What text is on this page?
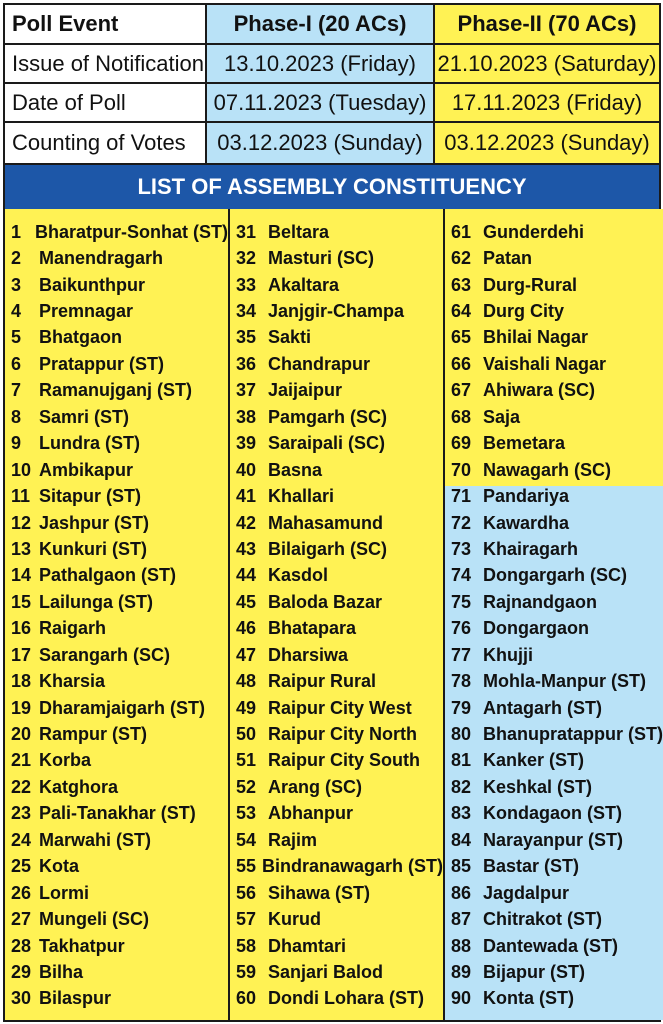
Poll Event	Phase-I (20 ACs)	Phase-II (70 ACs)
Issue of Notification 13.10.2023 (Friday) 21.10.2023 (Saturday)
Date of Poll	07.11.2023 (Tuesday)	17.11.2023 (Friday)
Counting of Votes	03.12.2023 (Sunday) 03.12.2023 (Sunday)
LIST OF ASSEMBLY CONSTITUENCY
1 Bharatpur-Sonhat (ST)
2 Manendragarh
3 Baikunthpur
4 Premnagar
5 Bhatgaon
6 Pratappur (ST)
7 Ramanujganj (ST)
8 Samri (ST)
9 Lundra (ST)
10 Ambikapur
11 Sitapur (ST)
12 Jashpur (ST)
13 Kunkuri (ST)
14 Pathalgaon (ST)
15 Lailunga (ST)
16 Raigarh
17 Sarangarh (SC)
18 Kharsia
19 Dharamjaigarh (ST)
20 Rampur (ST)
21 Korba
22 Katghora
23 Pali-Tanakhar (ST)
24 Marwahi (ST)
25 Kota
26 Lormi
27 Mungeli (SC)
28 Takhatpur
29 Bilha
30 Bilaspur
31 Beltara
32 Masturi (SC)
33 Akaltara
34 Janjgir-Champa
35 Sakti
36 Chandrapur
37 Jaijaipur
38 Pamgarh (SC)
39 Saraipali (SC)
40 Basna
41 Khallari
42 Mahasamund
43 Bilaigarh (SC)
44 Kasdol
45 Baloda Bazar
46 Bhatapara
47 Dharsiwa
48 Raipur Rural
49 Raipur City West
50 Raipur City North
51 Raipur City South
52 Arang (SC)
53 Abhanpur
54 Rajim
55 Bindranawagarh (ST)
56 Sihawa (ST)
57 Kurud
58 Dhamtari
59 Sanjari Balod
60 Dondi Lohara (ST)
61 Gunderdehi
62 Patan
63 Durg-Rural
64 Durg City
65 Bhilai Nagar
66 Vaishali Nagar
67 Ahiwara (SC)
68 Saja
69 Bemetara
70 Nawagarh (SC)
71 Pandariya
72 Kawardha
73 Khairagarh
74 Dongargarh (SC)
75 Rajnandgaon
76 Dongargaon
77 Khujji
78 Mohla-Manpur (ST)
79 Antagarh (ST)
80 Bhanupratappur (ST)
81 Kanker (ST)
82 Keshkal (ST)
83 Kondagaon (ST)
84 Narayanpur (ST)
85 Bastar (ST)
86 Jagdalpur
87 Chitrakot (ST)
88 Dantewada (ST)
89 Bijapur (ST)
90 Konta (ST)
